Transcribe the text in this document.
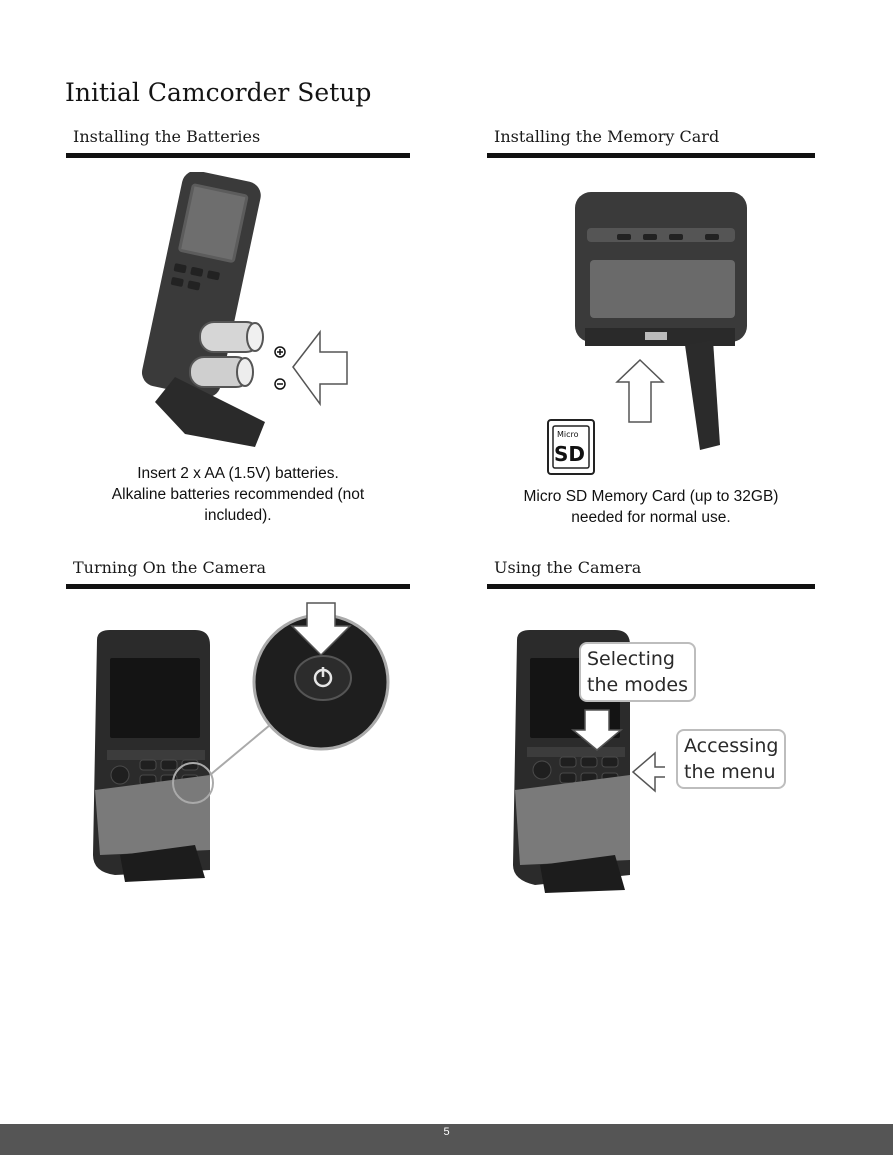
Initial Camcorder Setup
Installing the Batteries	Installing the Memory Card
Turning On the Camera	Using the Camera
Insert 2 x AA (1.5V) batteries.
Alkaline batteries recommended (not
included).
Micro
SD
Micro SD Memory Card (up to 32GB)
needed for normal use.
Selecting
the modes
Accessing
the menu
5
